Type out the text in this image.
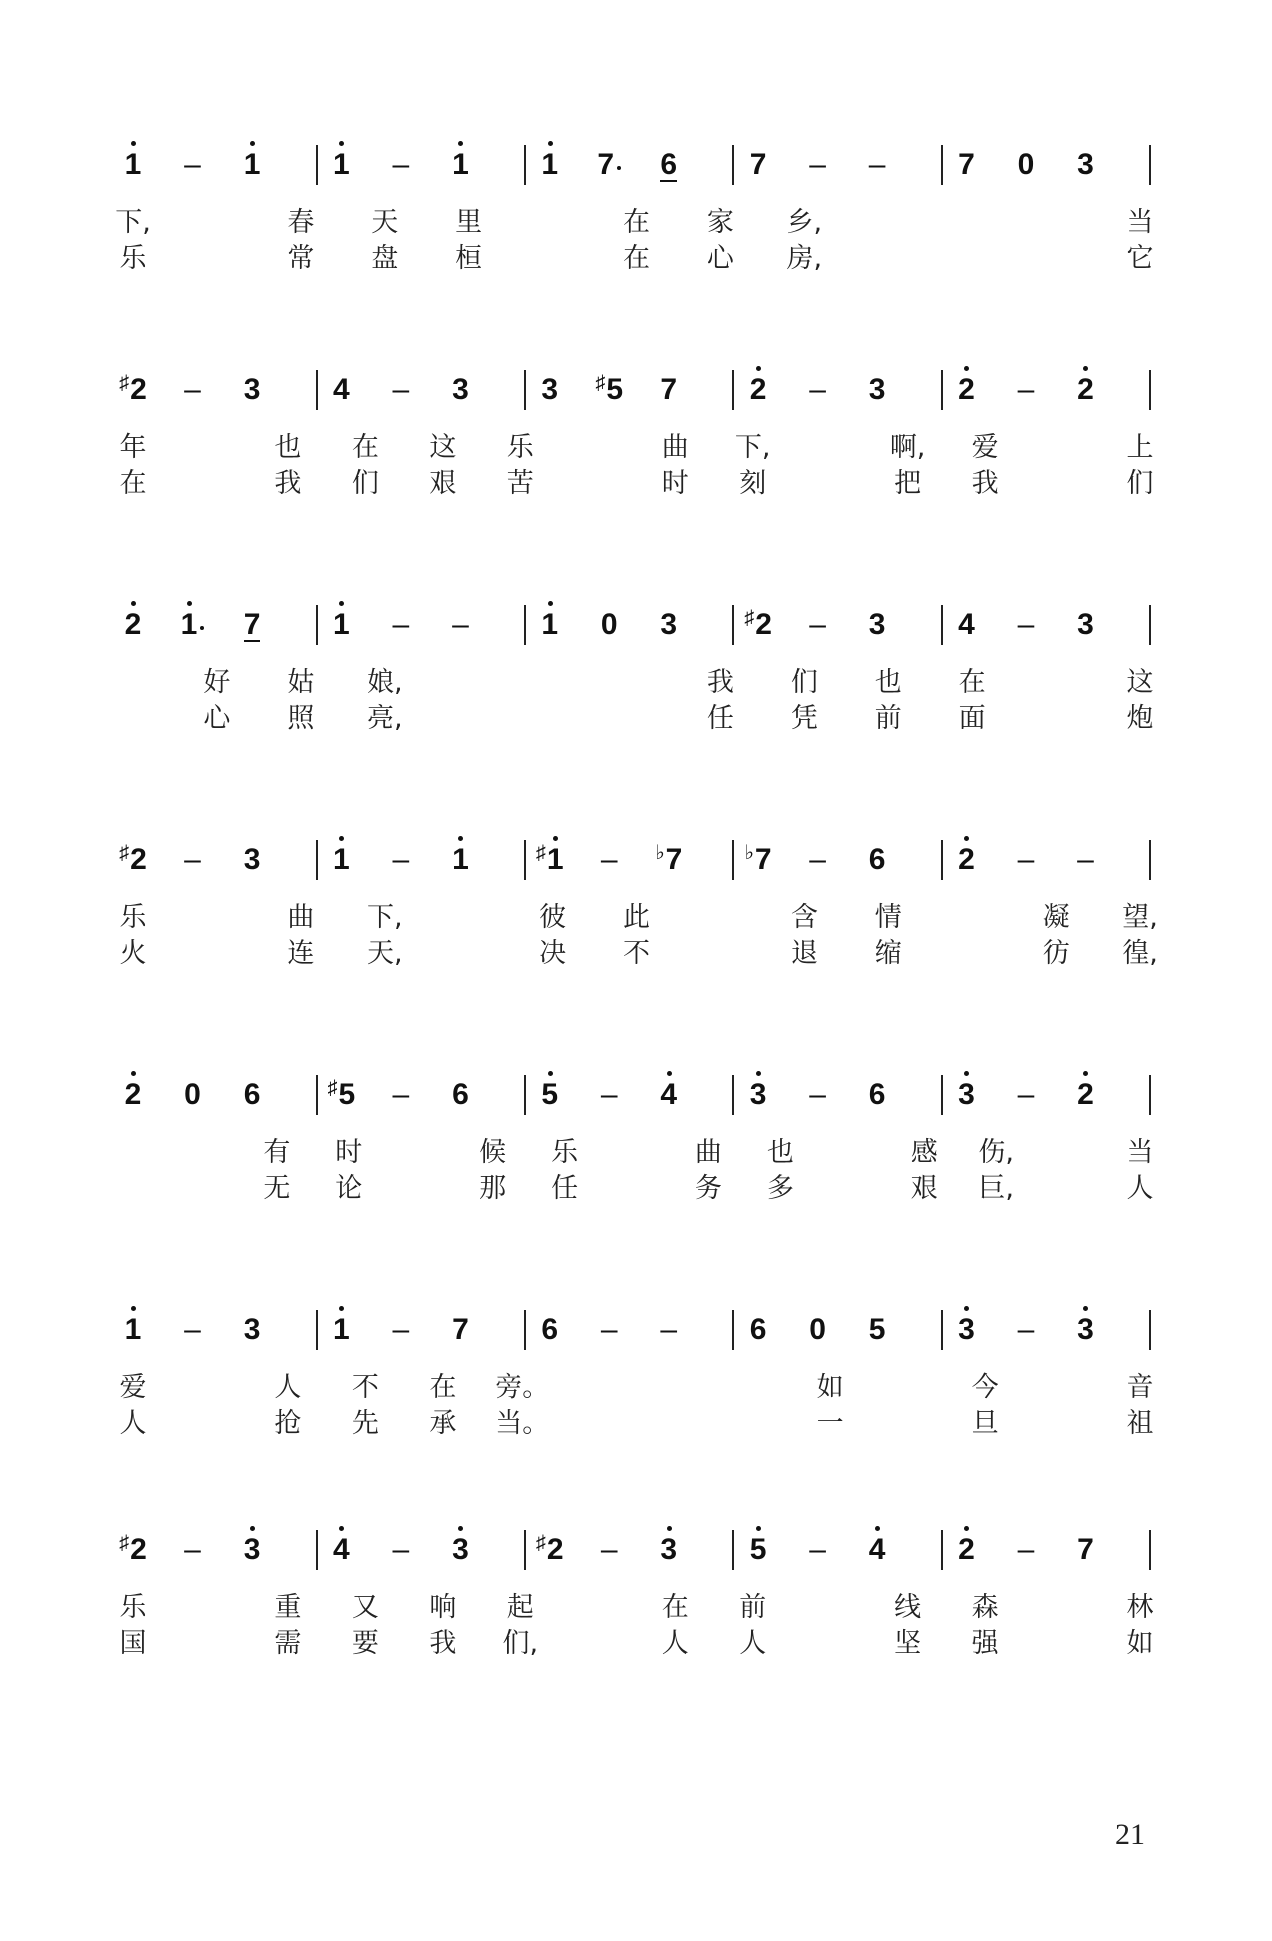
1	–	1	1	–	1	1	7	6	7	–	–	7	0	3
下,	春	天	里	在	家	乡,	当
乐	常	盘	桓	在	心	房,	它
♯2	–	3	4	–	3	3	♯5	7	2	–	3	2	–	2
年	也	在	这	乐	曲	下,	啊,	爱	上
在	我	们	艰	苦	时	刻	把	我	们
2	1	7	1	–	–	1	0	3	♯2	–	3	4	–	3
好	姑	娘,	我	们	也	在	这
心	照	亮,	任	凭	前	面	炮
♯2	–	3	1	–	1	♯1	–	♭7	♭7	–	6	2	–	–
乐	曲	下,	彼	此	含	情	凝	望,
火	连	天,	决	不	退	缩	彷	徨,
2	0	6	♯5	–	6	5	–	4	3	–	6	3	–	2
有	时	候	乐	曲	也	感	伤,	当
无	论	那	任	务	多	艰	巨,	人
1	–	3	1	–	7	6	–	–	6	0	5	3	–	3
爱	人	不	在	旁。	如	今	音
人	抢	先	承	当。	一	旦	祖
♯2	–	3	4	–	3	♯2	–	3	5	–	4	2	–	7
乐	重	又	响	起	在	前	线	森	林
国	需	要	我	们,	人	人	坚	强	如
21
